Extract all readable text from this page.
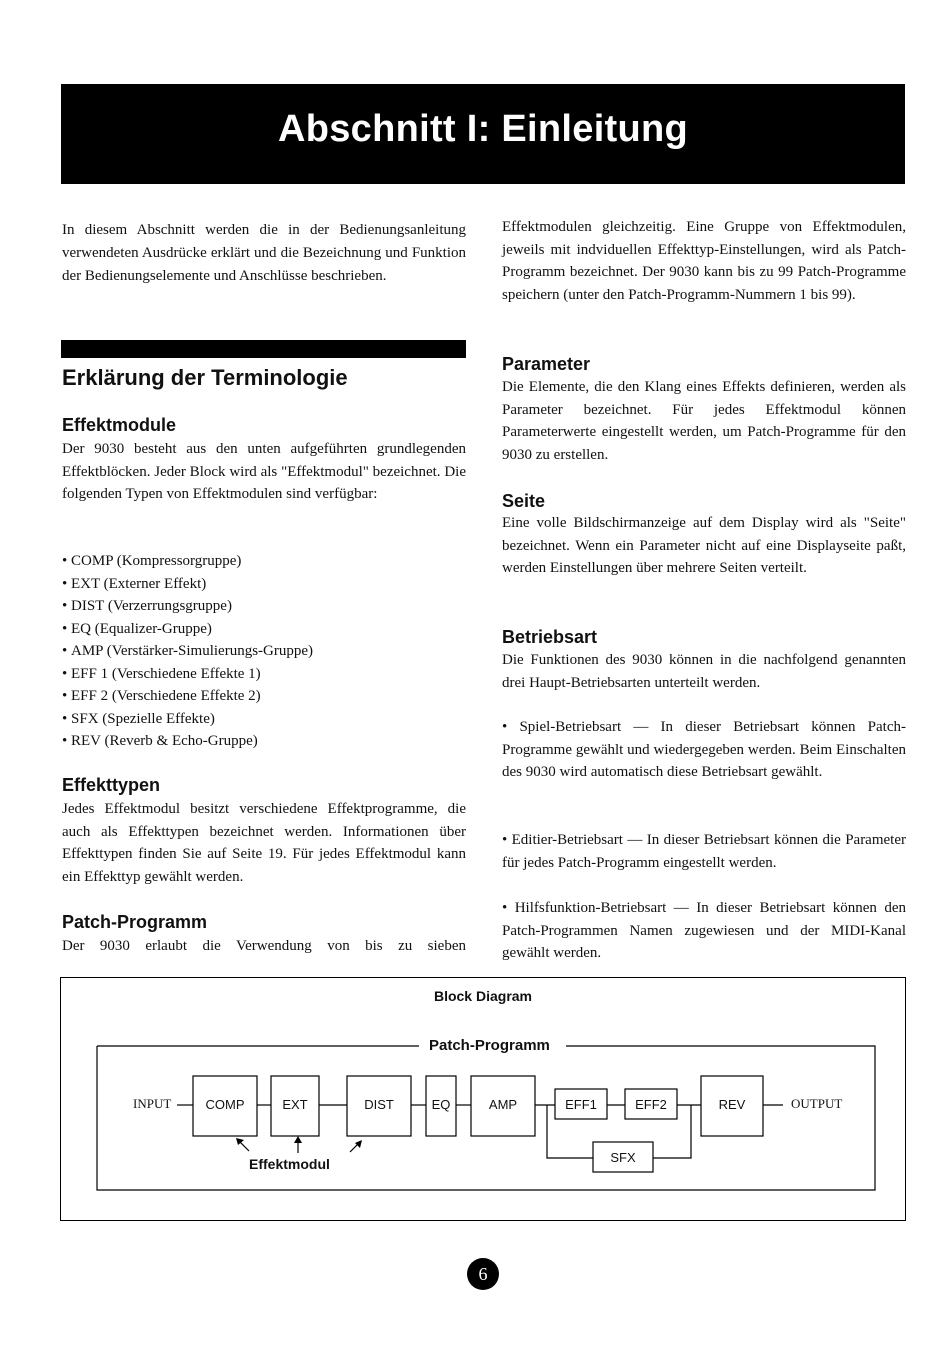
Abschnitt I: Einleitung

In diesem Abschnitt werden die in der Bedienungsanleitung verwendeten Ausdrücke erklärt und die Bezeichnung und Funktion der Bedienungselemente und Anschlüsse beschrieben.

Erklärung der Terminologie
Effektmodule

Der 9030 besteht aus den unten aufgeführten grundlegenden Effektblöcken. Jeder Block wird als "Effektmodul" bezeichnet. Die folgenden Typen von Effektmodulen sind verfügbar:

• COMP (Kompressorgruppe)
• EXT (Externer Effekt)
• DIST (Verzerrungsgruppe)
• EQ (Equalizer-Gruppe)
• AMP (Verstärker-Simulierungs-Gruppe)
• EFF 1 (Verschiedene Effekte 1)
• EFF 2 (Verschiedene Effekte 2)
• SFX (Spezielle Effekte)
• REV (Reverb & Echo-Gruppe)
Effekttypen

Jedes Effektmodul besitzt verschiedene Effektprogramme, die auch als Effekttypen bezeichnet werden. Informationen über Effekttypen finden Sie auf Seite 19. Für jedes Effektmodul kann ein Effekttyp gewählt werden.

Patch-Programm

Der 9030 erlaubt die Verwendung von bis zu sieben

Effektmodulen gleichzeitig. Eine Gruppe von Effektmodulen, jeweils mit indviduellen Effekttyp-Einstellungen, wird als Patch-Programm bezeichnet. Der 9030 kann bis zu 99 Patch-Programme speichern (unter den Patch-Programm-Nummern 1 bis 99).

Parameter

Die Elemente, die den Klang eines Effekts definieren, werden als Parameter bezeichnet. Für jedes Effektmodul können Parameterwerte eingestellt werden, um Patch-Programme für den 9030 zu erstellen.

Seite

Eine volle Bildschirmanzeige auf dem Display wird als "Seite" bezeichnet. Wenn ein Parameter nicht auf eine Displayseite paßt, werden Einstellungen über mehrere Seiten verteilt.

Betriebsart

Die Funktionen des 9030 können in die nachfolgend genannten drei Haupt-Betriebsarten unterteilt werden.

• Spiel-Betriebsart — In dieser Betriebsart können Patch-Programme gewählt und wiedergegeben werden. Beim Einschalten des 9030 wird automatisch diese Betriebsart gewählt.

• Editier-Betriebsart — In dieser Betriebsart können die Parameter für jedes Patch-Programm eingestellt werden.

• Hilfsfunktion-Betriebsart — In dieser Betriebsart können den Patch-Programmen Namen zugewiesen und der MIDI-Kanal gewählt werden.

Block Diagram
Patch-Programm
INPUT	OUTPUT
COMP	EXT	DIST	EQ	AMP	EFF1	EFF2
SFX
REV
Effektmodul
6
